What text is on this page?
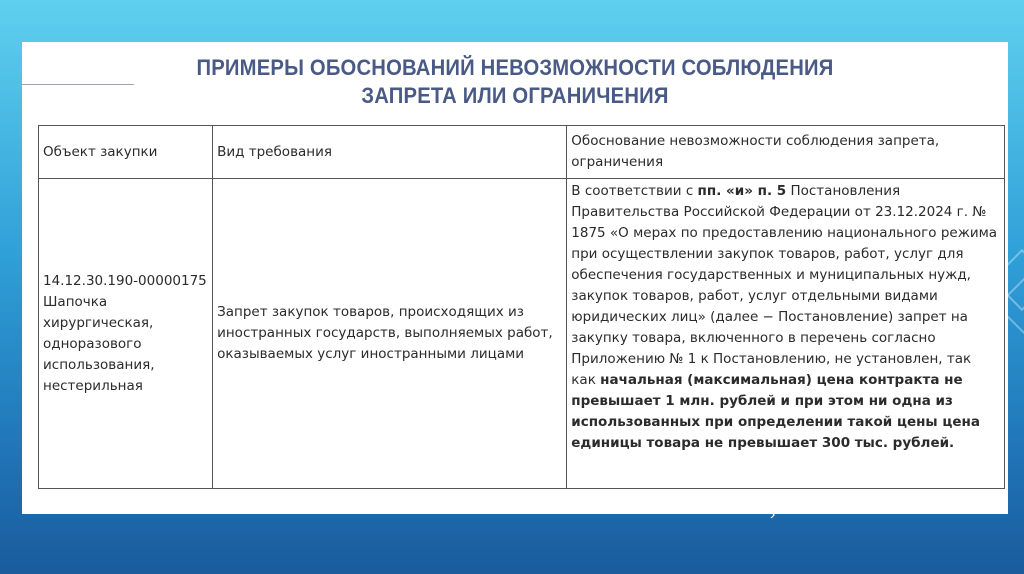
ПРИМЕРЫ ОБОСНОВАНИЙ НЕВОЗМОЖНОСТИ СОБЛЮДЕНИЯ
ЗАПРЕТА ИЛИ ОГРАНИЧЕНИЯ
Объект закупки	Вид требования	Обоснование невозможности соблюдения запрета, ограничения
14.12.30.190-00000175 Шапочка хирургическая, одноразового использования, нестерильная	Запрет закупок товаров, происходящих из иностранных государств, выполняемых работ, оказываемых услуг иностранными лицами	В соответствии с пп. «и» п. 5 Постановления Правительства Российской Федерации от 23.12.2024 г. № 1875 «О мерах по предоставлению национального режима при осуществлении закупок товаров, работ, услуг для обеспечения государственных и муниципальных нужд, закупок товаров, работ, услуг отдельными видами юридических лиц» (далее − Постановление) запрет на закупку товара, включенного в перечень согласно Приложению № 1 к Постановлению, не установлен, так как начальная (максимальная) цена контракта не превышает 1 млн. рублей и при этом ни одна из использованных при определении такой цены цена единицы товара не превышает 300 тыс. рублей.
›
